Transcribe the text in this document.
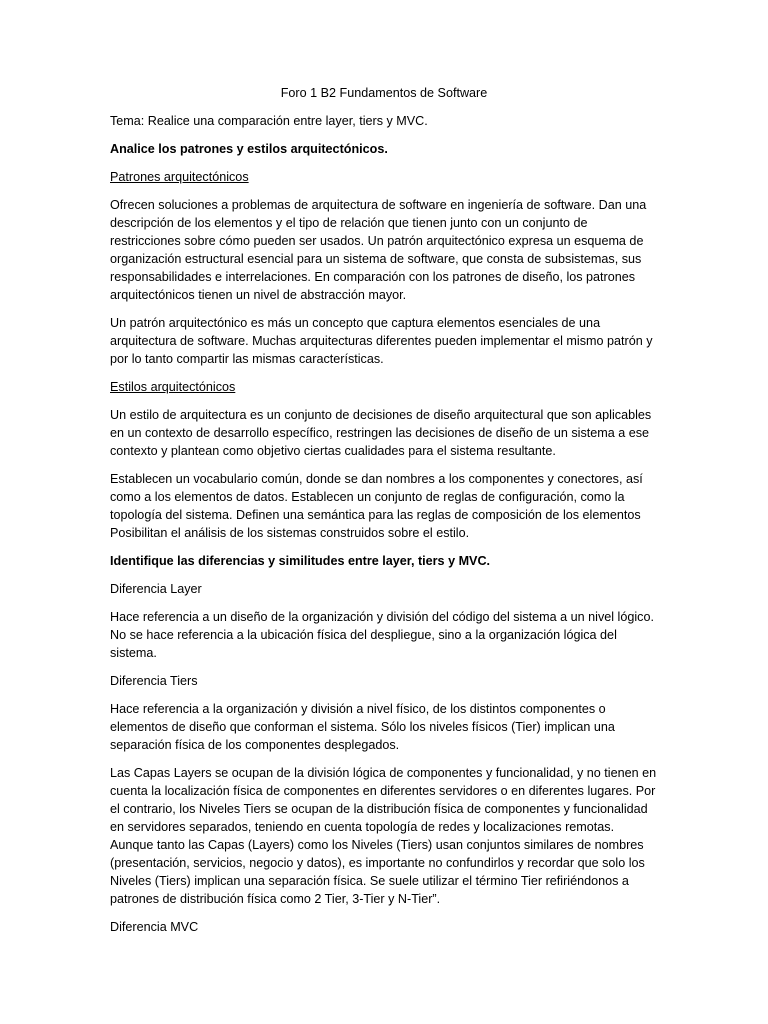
Foro 1 B2 Fundamentos de Software
Tema: Realice una comparación entre layer, tiers y MVC.
Analice los patrones y estilos arquitectónicos.
Patrones arquitectónicos
Ofrecen soluciones a problemas de arquitectura de software en ingeniería de software. Dan una descripción de los elementos y el tipo de relación que tienen junto con un conjunto de restricciones sobre cómo pueden ser usados. Un patrón arquitectónico expresa un esquema de organización estructural esencial para un sistema de software, que consta de subsistemas, sus responsabilidades e interrelaciones. En comparación con los patrones de diseño, los patrones arquitectónicos tienen un nivel de abstracción mayor.
Un patrón arquitectónico es más un concepto que captura elementos esenciales de una arquitectura de software. Muchas arquitecturas diferentes pueden implementar el mismo patrón y por lo tanto compartir las mismas características.
Estilos arquitectónicos
Un estilo de arquitectura es un conjunto de decisiones de diseño arquitectural que son aplicables en un contexto de desarrollo específico, restringen las decisiones de diseño de un sistema a ese contexto y plantean como objetivo ciertas cualidades para el sistema resultante.
Establecen un vocabulario común, donde se dan nombres a los componentes y conectores, así como a los elementos de datos. Establecen un conjunto de reglas de configuración, como la topología del sistema. Definen una semántica para las reglas de composición de los elementos Posibilitan el análisis de los sistemas construidos sobre el estilo.
Identifique las diferencias y similitudes entre layer, tiers y MVC.
Diferencia Layer
Hace referencia a un diseño de la organización y división del código del sistema a un nivel lógico. No se hace referencia a la ubicación física del despliegue, sino a la organización lógica del sistema.
Diferencia Tiers
Hace referencia a la organización y división a nivel físico, de los distintos componentes o elementos de diseño que conforman el sistema. Sólo los niveles físicos (Tier) implican una separación física de los componentes desplegados.
Las Capas Layers se ocupan de la división lógica de componentes y funcionalidad, y no tienen en cuenta la localización física de componentes en diferentes servidores o en diferentes lugares. Por el contrario, los Niveles Tiers se ocupan de la distribución física de componentes y funcionalidad en servidores separados, teniendo en cuenta topología de redes y localizaciones remotas. Aunque tanto las Capas (Layers) como los Niveles (Tiers) usan conjuntos similares de nombres (presentación, servicios, negocio y datos), es importante no confundirlos y recordar que solo los Niveles (Tiers) implican una separación física. Se suele utilizar el término Tier refiriéndonos a patrones de distribución física como 2 Tier, 3-Tier y N-Tier”.
Diferencia MVC
